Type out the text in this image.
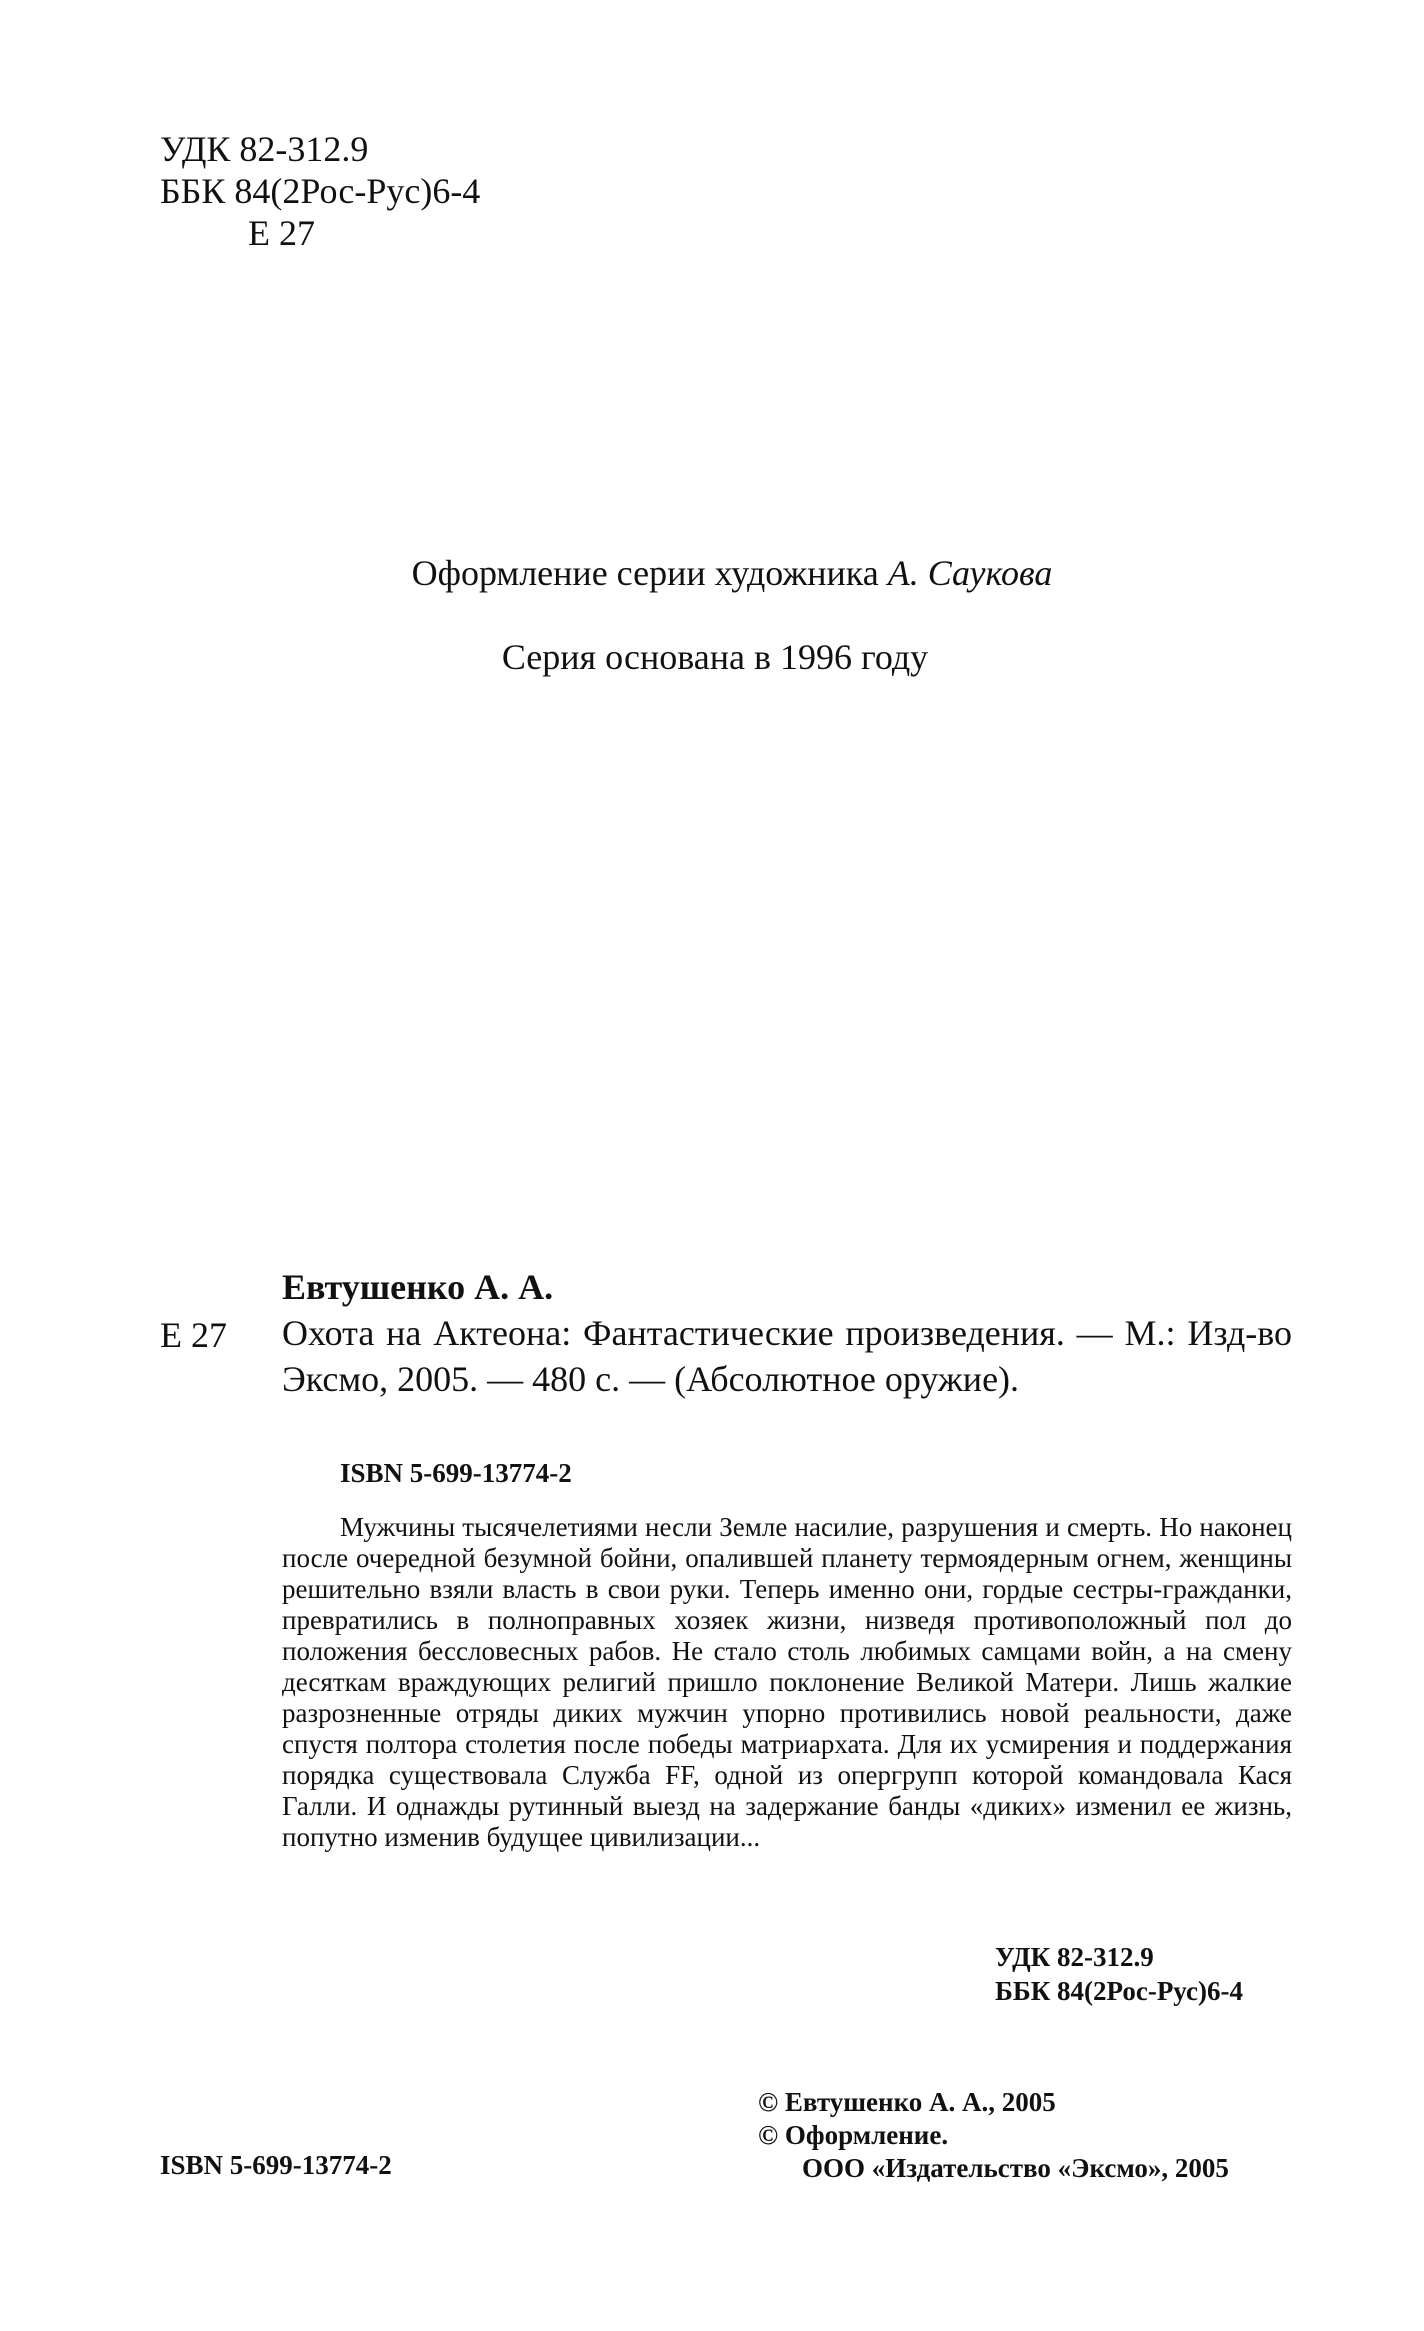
УДК 82-312.9
ББК 84(2Рос-Рус)6-4
Е 27
Оформление серии художника А. Саукова
Серия основана в 1996 году
Евтушенко А. А.
Е 27 Охота на Актеона: Фантастические произведения. — М.: Изд-во Эксмо, 2005. — 480 с. — (Абсолютное оружие).
ISBN 5-699-13774-2
Мужчины тысячелетиями несли Земле насилие, разрушения и смерть. Но наконец после очередной безумной бойни, опалившей планету термоядерным огнем, женщины решительно взяли власть в свои руки. Теперь именно они, гордые сестры-гражданки, превратились в полноправных хозяек жизни, низведя противоположный пол до положения бессловесных рабов. Не стало столь любимых самцами войн, а на смену десяткам враждующих религий пришло поклонение Великой Матери. Лишь жалкие разрозненные отряды диких мужчин упорно противились новой реальности, даже спустя полтора столетия после победы матриархата. Для их усмирения и поддержания порядка существовала Служба FF, одной из опергрупп которой командовала Кася Галли. И однажды рутинный выезд на задержание банды «диких» изменил ее жизнь, попутно изменив будущее цивилизации...
УДК 82-312.9
ББК 84(2Рос-Рус)6-4
© Евтушенко А. А., 2005
© Оформление.
ООО «Издательство «Эксмо», 2005
ISBN 5-699-13774-2
